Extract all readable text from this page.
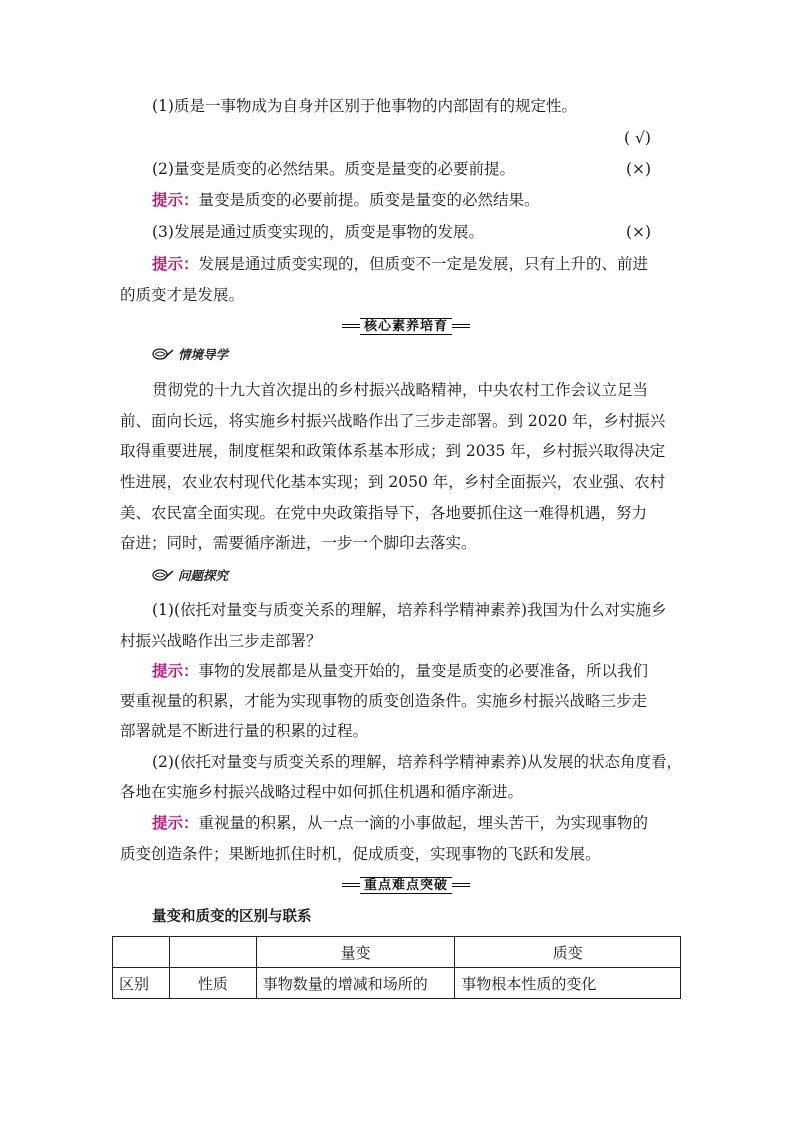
(1)质是一事物成为自身并区别于他事物的内部固有的规定性。
( √)
(2)量变是质变的必然结果。质变是量变的必要前提。	(×)
提示：量变是质变的必要前提。质变是量变的必然结果。
(3)发展是通过质变实现的，质变是事物的发展。	(×)
提示：发展是通过质变实现的，但质变不一定是发展，只有上升的、前进
的质变才是发展。
核心素养培育
情境导学
贯彻党的十九大首次提出的乡村振兴战略精神，中央农村工作会议立足当
前、面向长远，将实施乡村振兴战略作出了三步走部署。到 2020 年，乡村振兴
取得重要进展，制度框架和政策体系基本形成；到 2035 年，乡村振兴取得决定
性进展，农业农村现代化基本实现；到 2050 年，乡村全面振兴，农业强、农村
美、农民富全面实现。在党中央政策指导下，各地要抓住这一难得机遇，努力
奋进；同时，需要循序渐进，一步一个脚印去落实。
问题探究
(1)(依托对量变与质变关系的理解，培养科学精神素养)我国为什么对实施乡
村振兴战略作出三步走部署？
提示：事物的发展都是从量变开始的，量变是质变的必要准备，所以我们
要重视量的积累，才能为实现事物的质变创造条件。实施乡村振兴战略三步走
部署就是不断进行量的积累的过程。
(2)(依托对量变与质变关系的理解，培养科学精神素养)从发展的状态角度看，
各地在实施乡村振兴战略过程中如何抓住机遇和循序渐进。
提示：重视量的积累，从一点一滴的小事做起，埋头苦干，为实现事物的
质变创造条件；果断地抓住时机，促成质变，实现事物的飞跃和发展。
重点难点突破
量变和质变的区别与联系
		量变	质变
区别	性质	事物数量的增减和场所的	事物根本性质的变化
